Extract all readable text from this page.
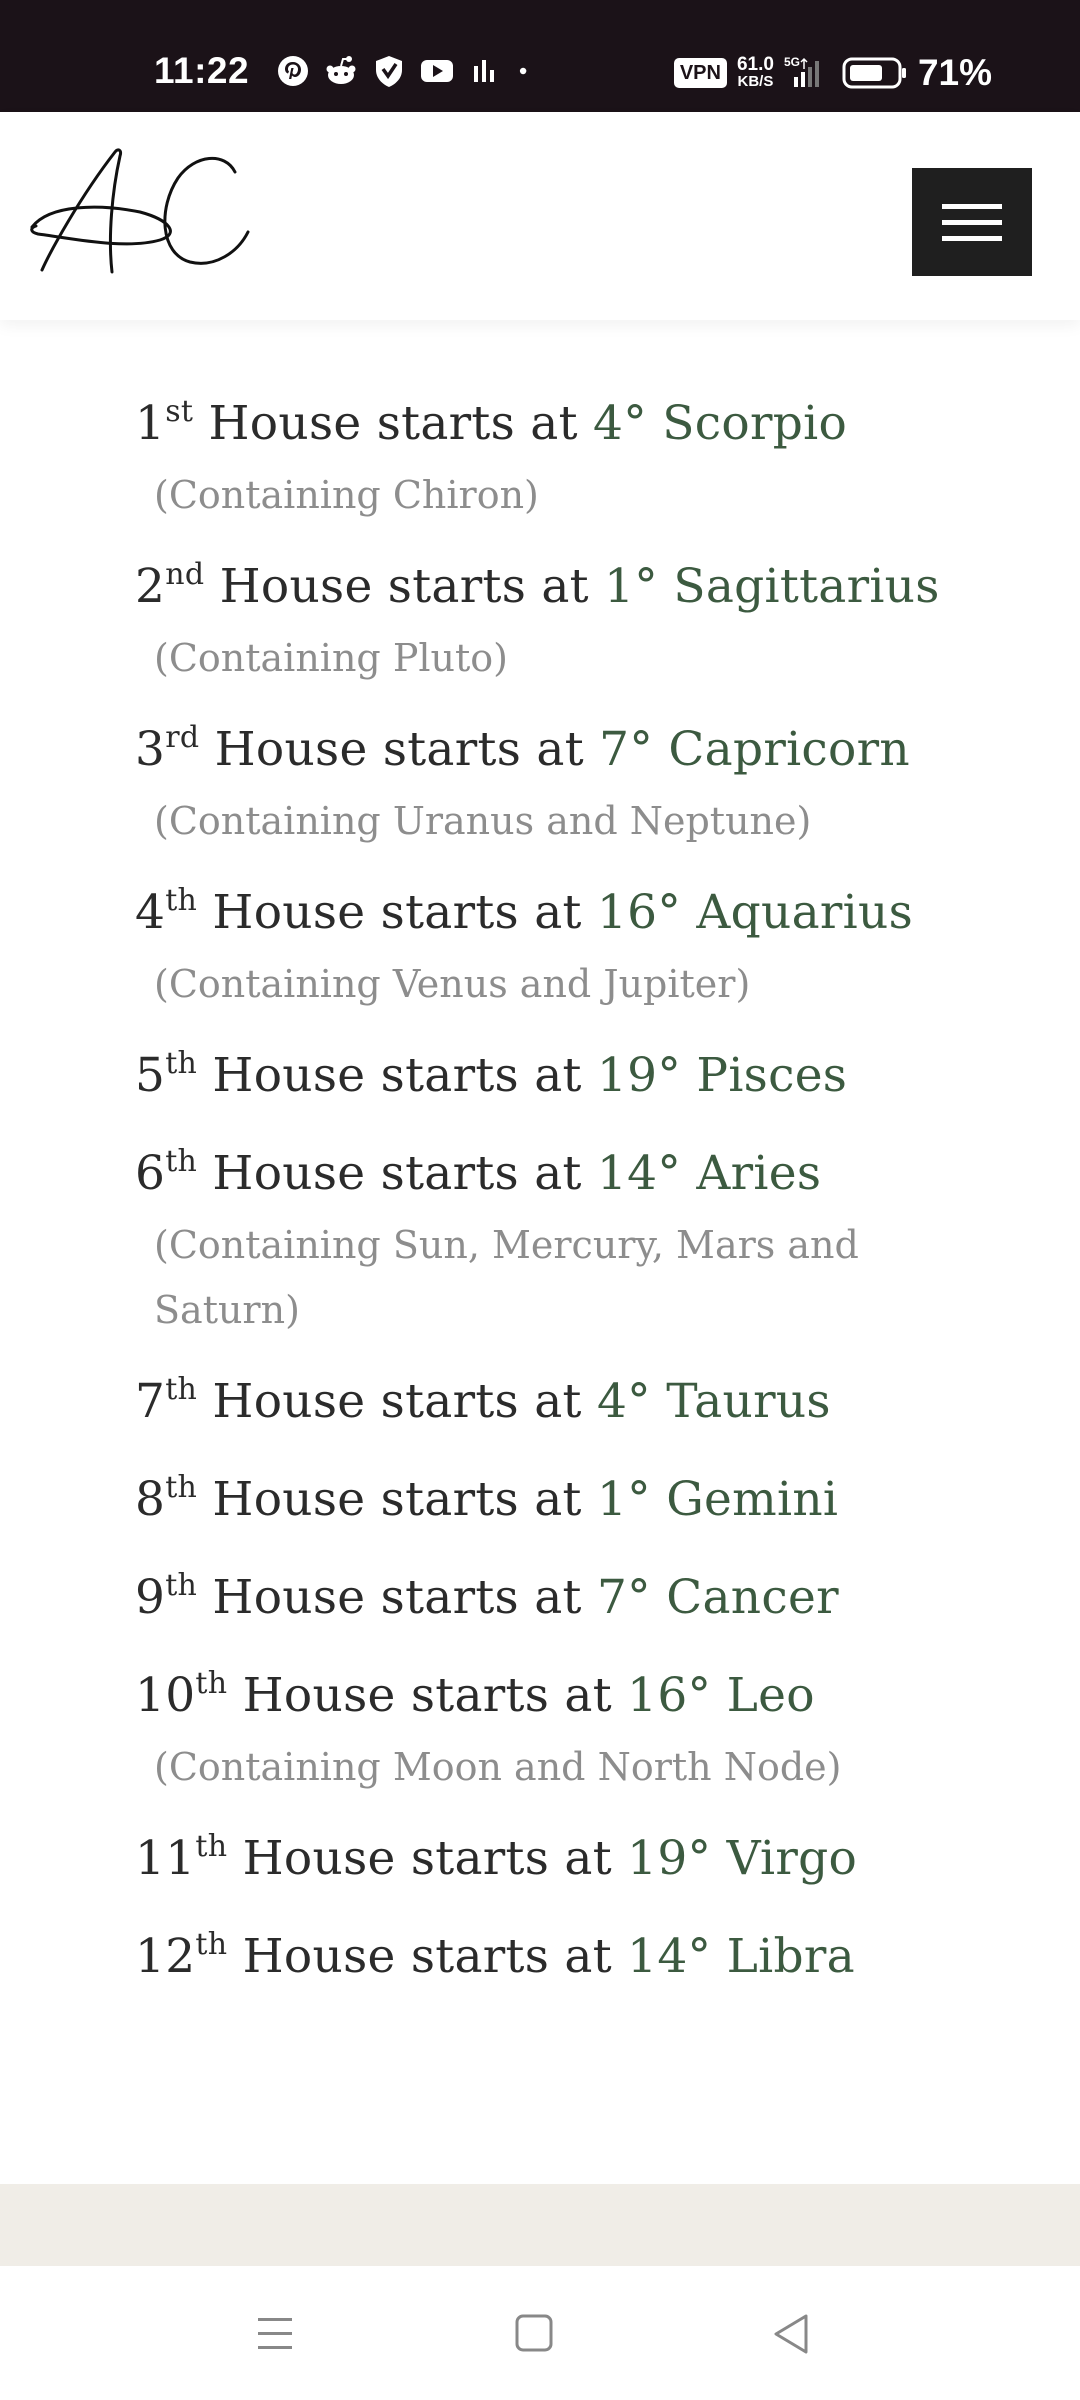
11:22	VPN 61.0
KB/S
5G	71%
1st House starts at 4° Scorpio
(Containing Chiron)
2nd House starts at 1° Sagittarius
(Containing Pluto)
3rd House starts at 7° Capricorn
(Containing Uranus and Neptune)
4th House starts at 16° Aquarius
(Containing Venus and Jupiter)
5th House starts at 19° Pisces
6th House starts at 14° Aries
(Containing Sun, Mercury, Mars and Saturn)
7th House starts at 4° Taurus
8th House starts at 1° Gemini
9th House starts at 7° Cancer
10th House starts at 16° Leo
(Containing Moon and North Node)
11th House starts at 19° Virgo
12th House starts at 14° Libra
